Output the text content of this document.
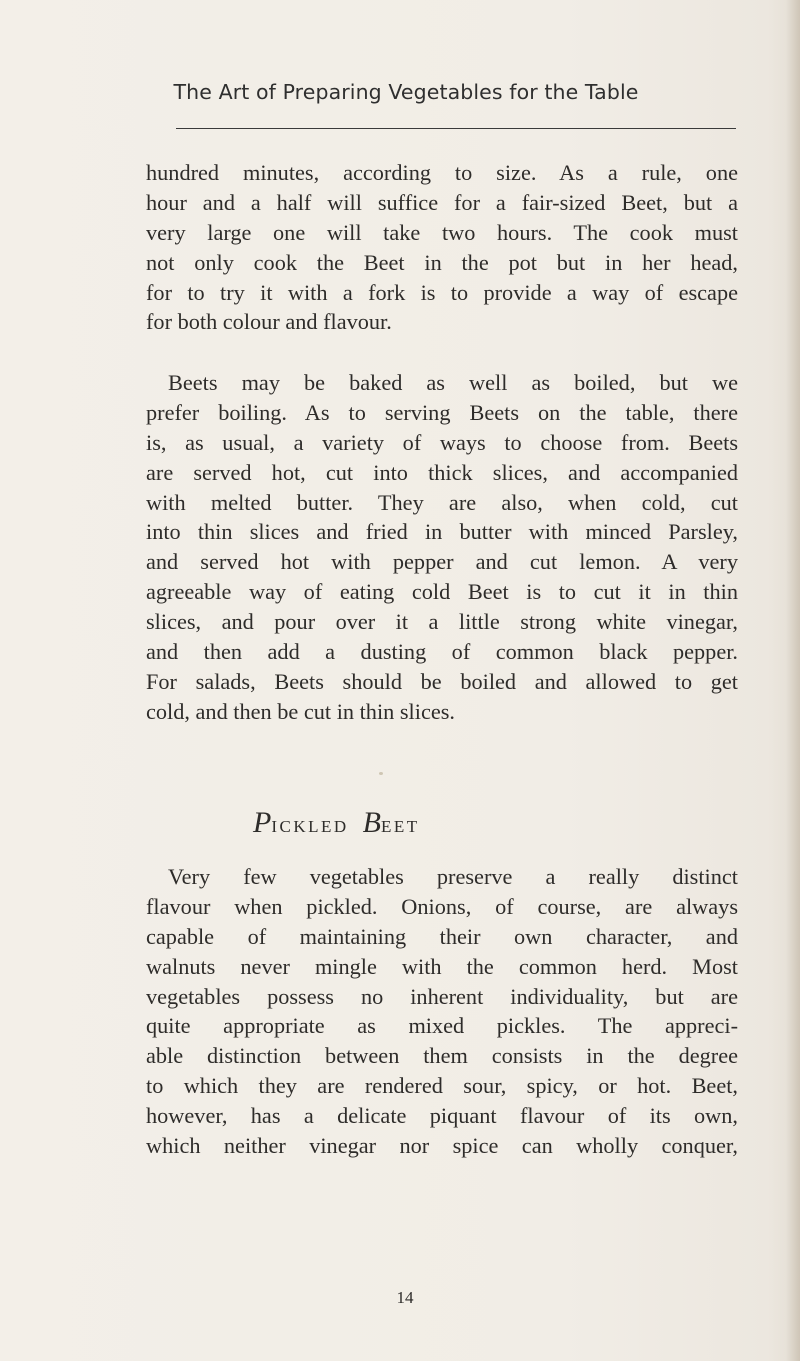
The Art of Preparing Vegetables for the Table
hundred minutes, according to size. As a rule, one
hour and a half will suffice for a fair-sized Beet, but a
very large one will take two hours. The cook must
not only cook the Beet in the pot but in her head,
for to try it with a fork is to provide a way of escape
for both colour and flavour.
Beets may be baked as well as boiled, but we
prefer boiling. As to serving Beets on the table, there
is, as usual, a variety of ways to choose from. Beets
are served hot, cut into thick slices, and accompanied
with melted butter. They are also, when cold, cut
into thin slices and fried in butter with minced Parsley,
and served hot with pepper and cut lemon. A very
agreeable way of eating cold Beet is to cut it in thin
slices, and pour over it a little strong white vinegar,
and then add a dusting of common black pepper.
For salads, Beets should be boiled and allowed to get
cold, and then be cut in thin slices.
PICKLED BEET
Very few vegetables preserve a really distinct
flavour when pickled. Onions, of course, are always
capable of maintaining their own character, and
walnuts never mingle with the common herd. Most
vegetables possess no inherent individuality, but are
quite appropriate as mixed pickles. The appreci-
able distinction between them consists in the degree
to which they are rendered sour, spicy, or hot. Beet,
however, has a delicate piquant flavour of its own,
which neither vinegar nor spice can wholly conquer,
14
